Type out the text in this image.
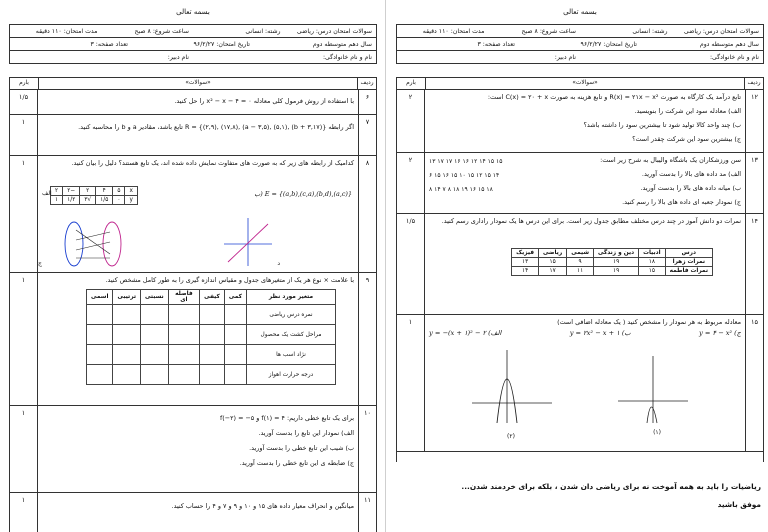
بسمه تعالی
سوالات امتحان درس: ریاضی
رشته: انسانی
ساعت شروع: ۸ صبح
مدت امتحان: ۱۱۰ دقیقه
سال دهم متوسطه دوم
تاریخ امتحان: ۹۶/۲/۲۷
تعداد صفحه: ۳
نام و نام خانوادگی:
نام دبیر:
ردیف
«سوالات»
بارم
۱۲
۲	تابع درآمد یک کارگاه به صورت R(x) = ۲۱x − x² و تابع هزینه به صورت C(x) = ۲۰ + x است:

الف) معادله سود این شرکت را بنویسید.

ب) چند واحد کالا تولید شود تا بیشترین سود را داشته باشد؟

ج) بیشترین سود این شرکت چقدر است؟

۱۳
۲	سن ورزشکاران یک باشگاه والیبال به شرح زیر است:

الف) مد داده های بالا را بدست آورید.

ب) میانه داده های بالا را بدست آورید.

ج) نمودار جعبه ای داده های بالا را رسم کنید.

۱۵ ۱۵ ۱۴ ۱۲ ۱۶ ۱۶ ۱۷ ۱۷ ۱۳
۱۴ ۱۵ ۱۲ ۱۵ ۱۰ ۱۵ ۱۶ ۱۵ ۶
۱۸ ۱۵ ۱۶ ۱۹ ۱۸ ۸ ۷ ۱۴ ۸
۱۴
۱/۵	نمرات دو دانش آموز در چند درس مختلف مطابق جدول زیر است. برای این درس ها یک نمودار راداری رسم کنید.

درس	ادبیات	دین و زندگی	شیمی	ریاضی	فیزیک
نمرات زهرا	۱۸	۱۹	۹	۱۵	۱۳
نمرات فاطمه	۱۵	۱۹	۱۱	۱۷	۱۴
۱۵
۱	معادله مربوط به هر نمودار را مشخص کنید ( یک معادله اضافی است)

الف) y = −(x + ۱)² − ۲	ب) y = ۲x² − x + ۱	ج) y = ۴ − x²
(۱)
(۲)
ریاضیات را باید به همه آموخت نه برای ریاضی دان شدن ، بلکه برای خردمند شدن...
موفق باشید
بسمه تعالی
سوالات امتحان درس: ریاضی
رشته: انسانی
ساعت شروع: ۸ صبح
مدت امتحان: ۱۱۰ دقیقه
سال دهم متوسطه دوم
تاریخ امتحان: ۹۶/۲/۲۷
تعداد صفحه: ۳
نام و نام خانوادگی:
نام دبیر:
ردیف
«سوالات»
بارم
۶
۱/۵	با استفاده از روش فرمول کلی معادله x² − x − ۴ = ۰ را حل کنید.

۷
۱

اگر رابطه R = {(۲,۹), (۱۷,۸), (a − ۳,۵), (۵,۱), (b + ۳,۱۷)} تابع باشد، مقادیر a و b را محاسبه کنید.

۸
۱	کدامیک از رابطه های زیر که به صورت های متفاوت نمایش داده شده اند، یک تابع هستند؟ دلیل را بیان کنید.

ب) E = {(a,b),(c,a),(b,d),(a,c)}
x	۵	۴	۲	−۲	۲
y	۰	۱/۵	√۳	۱/۲	۱
الف
ج	د
۹
۱	با علامت × نوع هر یک از متغیرهای جدول و مقیاس اندازه گیری را به طور کامل مشخص کنید.

متغیر مورد نظر	کمی	کیفی	فاصله ای	نسبتی	ترتیبی	اسمی
نمره درس ریاضی						
مراحل کشت یک محصول						
نژاد اسب ها						
درجه حرارت اهواز						
۱۰
۱

برای یک تابع خطی داریم: f(۱) = ۴ و f(−۲) = −۵

الف) نمودار این تابع را بدست آورید.

ب) شیب این تابع خطی را بدست آورید.

ج) ضابطه ی این تابع خطی را بدست آورید.

۱۱
۱

میانگین و انحراف معیار داده های ۱۵ و ۱۰ و ۹ و ۷ و ۴ را حساب کنید.
